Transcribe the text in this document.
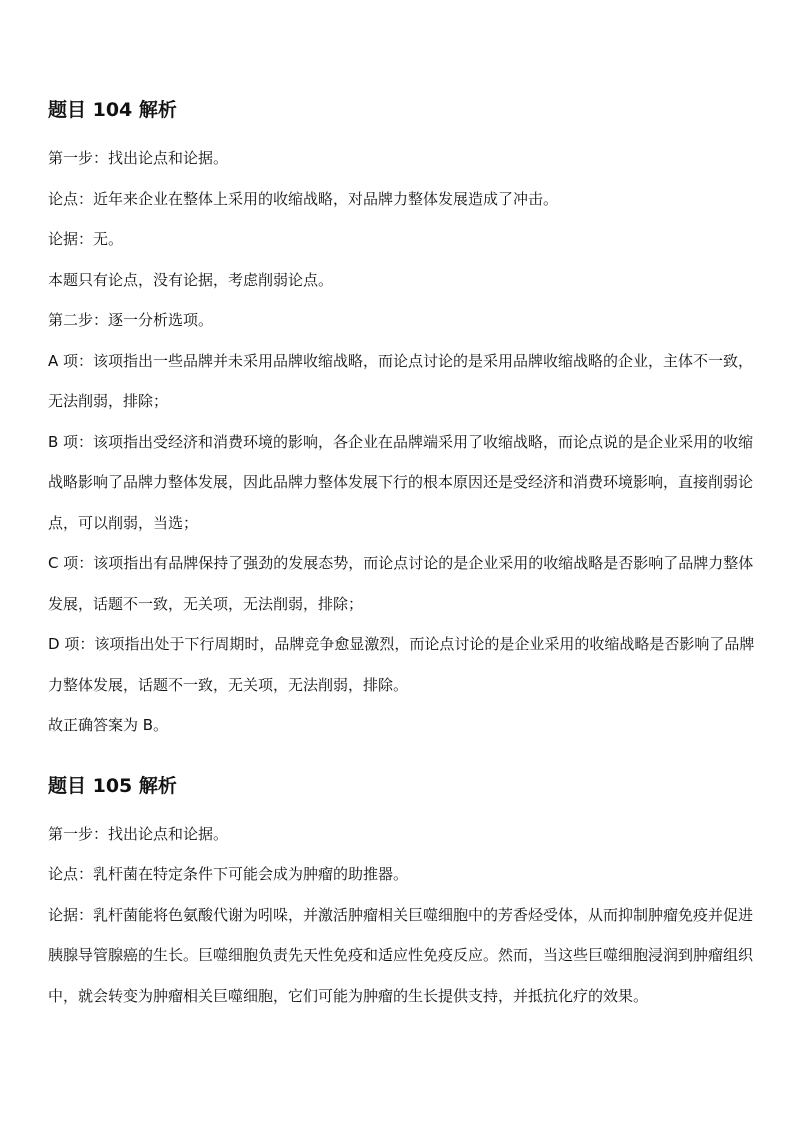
题目 104 解析

第一步：找出论点和论据。

论点：近年来企业在整体上采用的收缩战略，对品牌力整体发展造成了冲击。

论据：无。

本题只有论点，没有论据，考虑削弱论点。

第二步：逐一分析选项。

A 项：该项指出一些品牌并未采用品牌收缩战略，而论点讨论的是采用品牌收缩战略的企业，主体不一致，无法削弱，排除；

B 项：该项指出受经济和消费环境的影响，各企业在品牌端采用了收缩战略，而论点说的是企业采用的收缩战略影响了品牌力整体发展，因此品牌力整体发展下行的根本原因还是受经济和消费环境影响，直接削弱论点，可以削弱，当选；

C 项：该项指出有品牌保持了强劲的发展态势，而论点讨论的是企业采用的收缩战略是否影响了品牌力整体发展，话题不一致，无关项，无法削弱，排除；

D 项：该项指出处于下行周期时，品牌竞争愈显激烈，而论点讨论的是企业采用的收缩战略是否影响了品牌力整体发展，话题不一致，无关项，无法削弱，排除。

故正确答案为 B。

题目 105 解析

第一步：找出论点和论据。

论点：乳杆菌在特定条件下可能会成为肿瘤的助推器。

论据：乳杆菌能将色氨酸代谢为吲哚，并激活肿瘤相关巨噬细胞中的芳香烃受体，从而抑制肿瘤免疫并促进胰腺导管腺癌的生长。巨噬细胞负责先天性免疫和适应性免疫反应。然而，当这些巨噬细胞浸润到肿瘤组织中，就会转变为肿瘤相关巨噬细胞，它们可能为肿瘤的生长提供支持，并抵抗化疗的效果。
